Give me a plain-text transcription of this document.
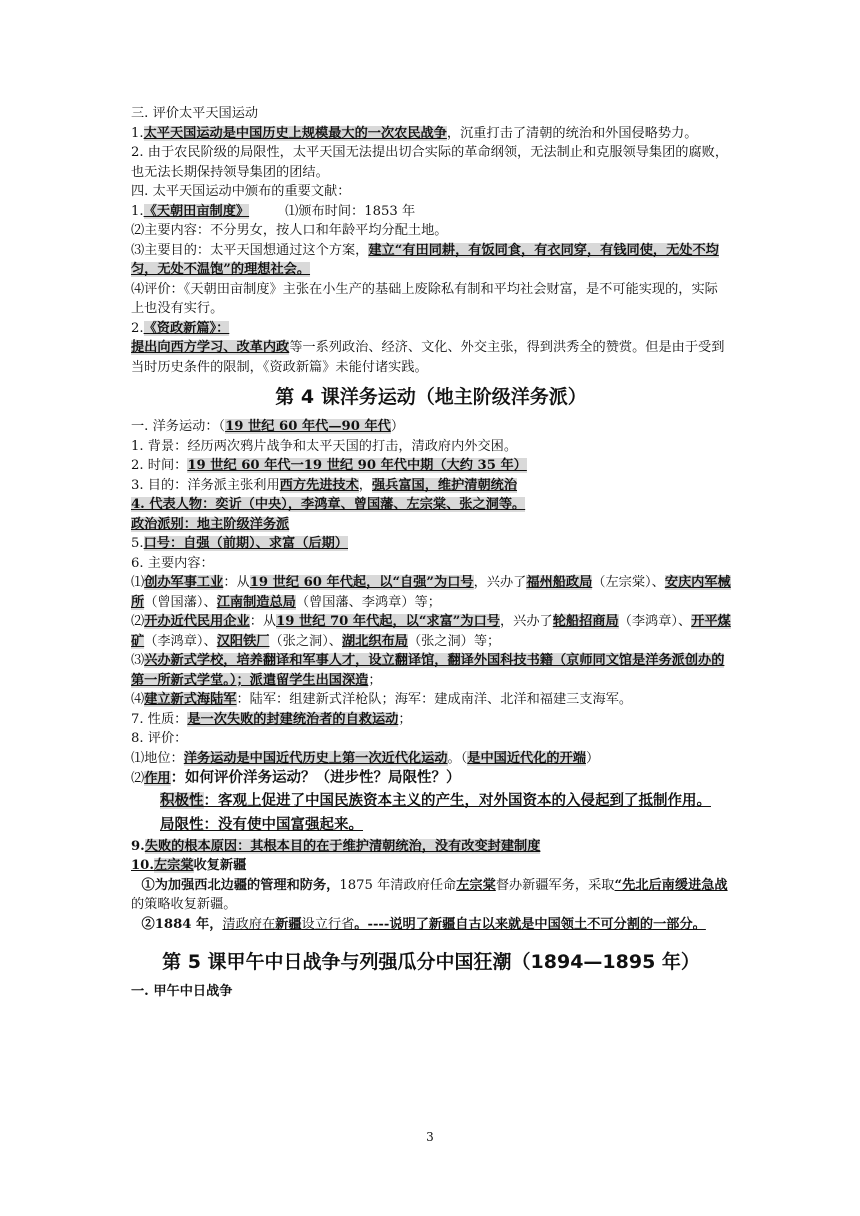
三. 评价太平天国运动
1.太平天国运动是中国历史上规模最大的一次农民战争，沉重打击了清朝的统治和外国侵略势力。
2. 由于农民阶级的局限性，太平天国无法提出切合实际的革命纲领，无法制止和克服领导集团的腐败，也无法长期保持领导集团的团结。
四. 太平天国运动中颁布的重要文献：
1.《天朝田亩制度》	⑴颁布时间：1853 年
⑵主要内容：不分男女，按人口和年龄平均分配土地。
⑶主要目的：太平天国想通过这个方案，建立“有田同耕，有饭同食，有衣同穿，有钱同使，无处不均匀，无处不温饱”的理想社会。
⑷评价：《天朝田亩制度》主张在小生产的基础上废除私有制和平均社会财富，是不可能实现的，实际上也没有实行。
2.《资政新篇》：
提出向西方学习、改革内政等一系列政治、经济、文化、外交主张，得到洪秀全的赞赏。但是由于受到当时历史条件的限制，《资政新篇》未能付诸实践。
第 4 课洋务运动（地主阶级洋务派）
一. 洋务运动：（19 世纪 60 年代—90 年代）
1. 背景：经历两次鸦片战争和太平天国的打击，清政府内外交困。
2. 时间：19 世纪 60 年代一19 世纪 90 年代中期（大约 35 年）
3. 目的：洋务派主张利用西方先进技术，强兵富国，维护清朝统治
4. 代表人物：奕䜣（中央），李鸿章、曾国藩、左宗棠、张之洞等。
政治派别：地主阶级洋务派
5.口号：自强（前期）、求富（后期）
6. 主要内容：
⑴创办军事工业：从19 世纪 60 年代起，以“自强”为口号，兴办了福州船政局（左宗棠）、安庆内军械所（曾国藩）、江南制造总局（曾国藩、李鸿章）等；
⑵开办近代民用企业：从19 世纪 70 年代起，以“求富”为口号，兴办了轮船招商局（李鸿章）、开平煤矿（李鸿章）、汉阳铁厂（张之洞）、湖北织布局（张之洞）等；
⑶兴办新式学校，培养翻译和军事人才，设立翻译馆，翻译外国科技书籍（京师同文馆是洋务派创办的第一所新式学堂。）；派遣留学生出国深造；
⑷建立新式海陆军：陆军：组建新式洋枪队；海军：建成南洋、北洋和福建三支海军。
7. 性质：是一次失败的封建统治者的自救运动；
8. 评价：
⑴地位：洋务运动是中国近代历史上第一次近代化运动。（是中国近代化的开端）
⑵作用：如何评价洋务运动？（进步性？局限性？）
积极性：客观上促进了中国民族资本主义的产生，对外国资本的入侵起到了抵制作用。
局限性：没有使中国富强起来。
9.失败的根本原因：其根本目的在于维护清朝统治，没有改变封建制度
10.左宗棠收复新疆
①为加强西北边疆的管理和防务，1875 年清政府任命左宗棠督办新疆军务，采取“先北后南缓进急战的策略收复新疆。
②1884 年，清政府在新疆设立行省。----说明了新疆自古以来就是中国领土不可分割的一部分。
第 5 课甲午中日战争与列强瓜分中国狂潮（1894—1895 年）
一. 甲午中日战争
3
